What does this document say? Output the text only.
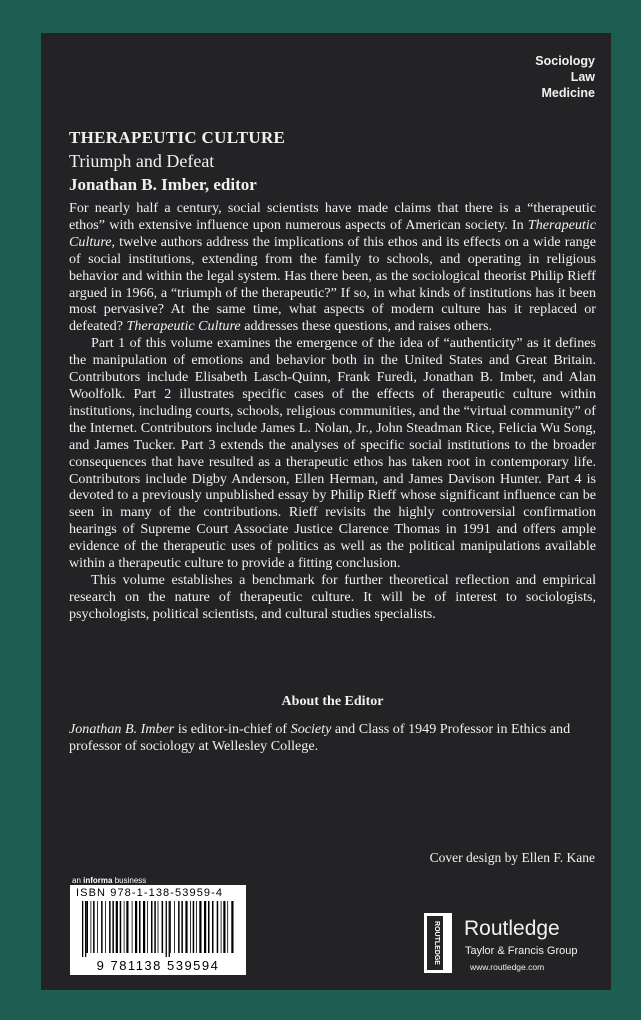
Sociology
Law
Medicine
THERAPEUTIC CULTURE
Triumph and Defeat
Jonathan B. Imber, editor

For nearly half a century, social scientists have made claims that there is a “therapeutic ethos” with extensive influence upon numerous aspects of American society. In Therapeutic Culture, twelve authors address the implications of this ethos and its effects on a wide range of social institutions, extending from the family to schools, and operating in religious behavior and within the legal system. Has there been, as the sociological theorist Philip Rieff argued in 1966, a “triumph of the therapeutic?” If so, in what kinds of institutions has it been most pervasive? At the same time, what aspects of modern culture has it replaced or defeated? Therapeutic Culture addresses these questions, and raises others.

Part 1 of this volume examines the emergence of the idea of “authenticity” as it defines the manipulation of emotions and behavior both in the United States and Great Britain. Contributors include Elisabeth Lasch-Quinn, Frank Furedi, Jonathan B. Imber, and Alan Woolfolk. Part 2 illustrates specific cases of the effects of therapeutic culture within institutions, including courts, schools, religious communities, and the “virtual community” of the Internet. Contributors include James L. Nolan, Jr., John Steadman Rice, Felicia Wu Song, and James Tucker. Part 3 extends the analyses of specific social institutions to the broader consequences that have resulted as a therapeutic ethos has taken root in contemporary life. Contributors include Digby Anderson, Ellen Herman, and James Davison Hunter. Part 4 is devoted to a previously unpublished essay by Philip Rieff whose significant influence can be seen in many of the contributions. Rieff revisits the highly controversial confirmation hearings of Supreme Court Associate Justice Clarence Thomas in 1991 and offers ample evidence of the therapeutic uses of politics as well as the political manipulations available within a therapeutic culture to provide a fitting conclusion.

This volume establishes a benchmark for further theoretical reflection and empirical research on the nature of therapeutic culture. It will be of interest to sociologists, psychologists, political scientists, and cultural studies specialists.

About the Editor
Jonathan B. Imber is editor-in-chief of Society and Class of 1949 Professor in Ethics and professor of sociology at Wellesley College.
Cover design by Ellen F. Kane
an informa business
ISBN 978-1-138-53959-4
9 781138 539594
ROUTLEDGE Routledge
Taylor & Francis Group
www.routledge.com
